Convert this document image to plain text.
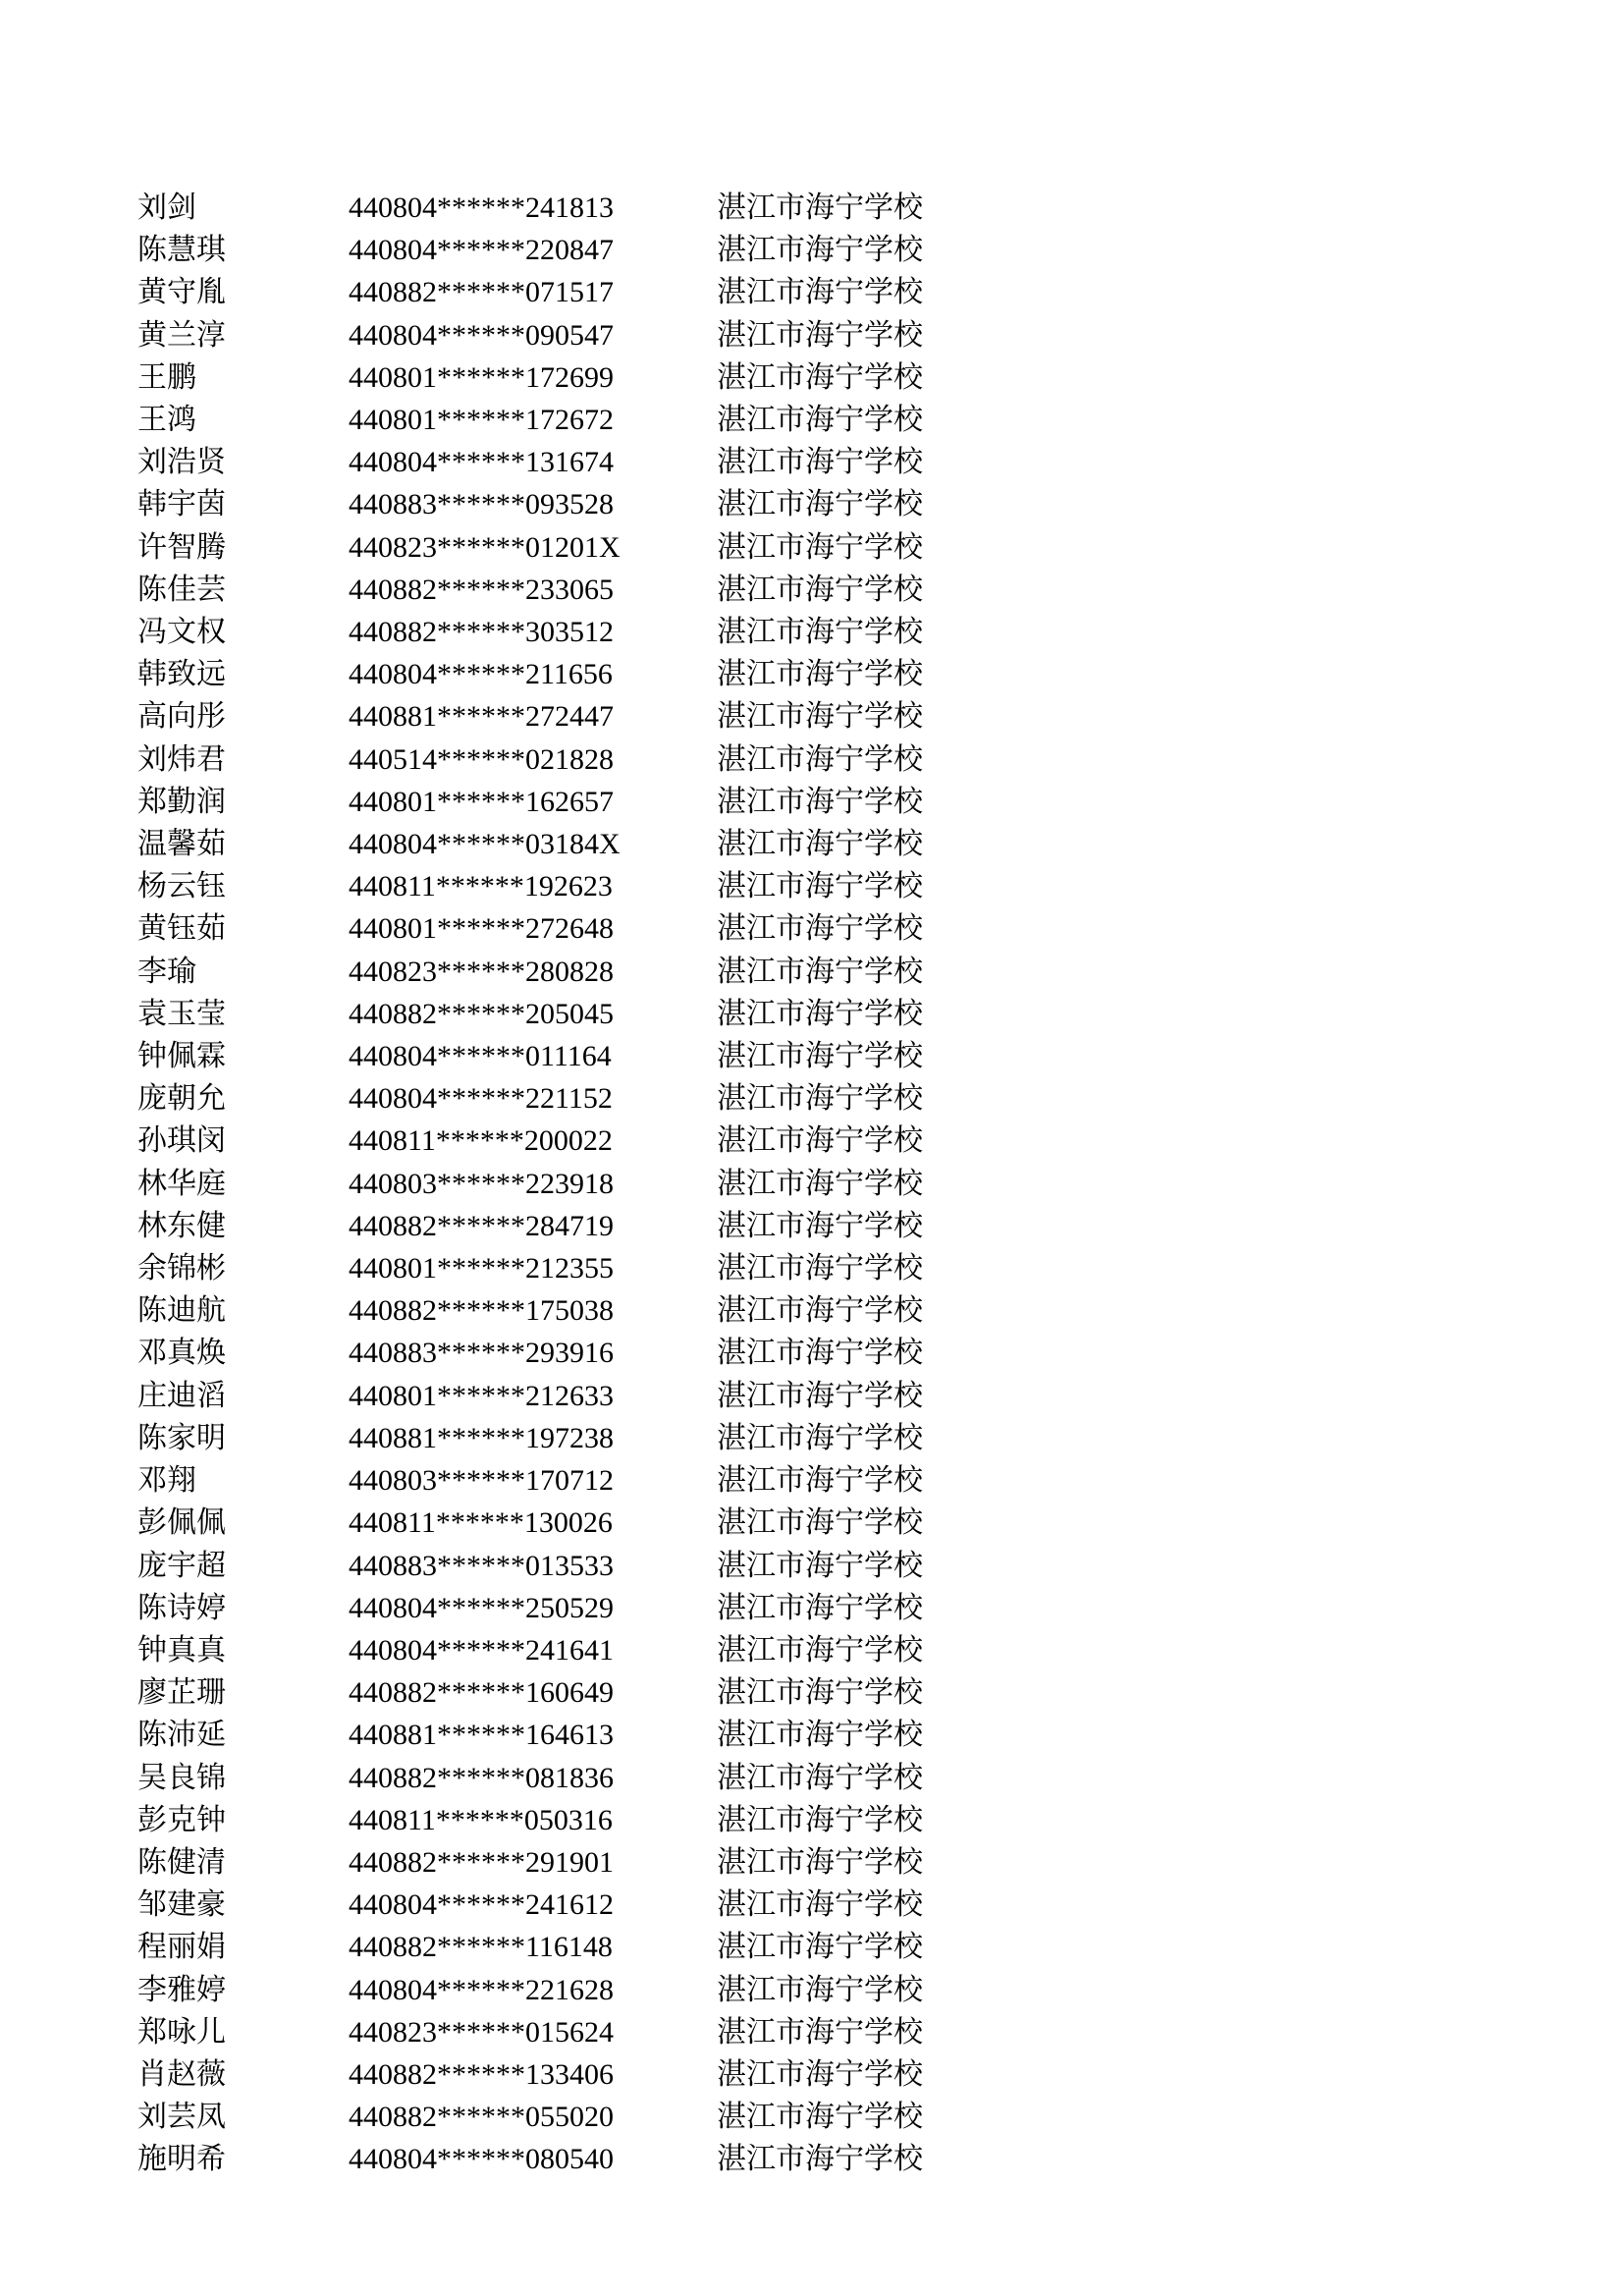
刘剑	440804******241813	湛江市海宁学校
陈慧琪	440804******220847	湛江市海宁学校
黄守胤	440882******071517	湛江市海宁学校
黄兰淳	440804******090547	湛江市海宁学校
王鹏	440801******172699	湛江市海宁学校
王鸿	440801******172672	湛江市海宁学校
刘浩贤	440804******131674	湛江市海宁学校
韩宇茵	440883******093528	湛江市海宁学校
许智腾	440823******01201X	湛江市海宁学校
陈佳芸	440882******233065	湛江市海宁学校
冯文权	440882******303512	湛江市海宁学校
韩致远	440804******211656	湛江市海宁学校
高向彤	440881******272447	湛江市海宁学校
刘炜君	440514******021828	湛江市海宁学校
郑勤润	440801******162657	湛江市海宁学校
温馨茹	440804******03184X	湛江市海宁学校
杨云钰	440811******192623	湛江市海宁学校
黄钰茹	440801******272648	湛江市海宁学校
李瑜	440823******280828	湛江市海宁学校
袁玉莹	440882******205045	湛江市海宁学校
钟佩霖	440804******011164	湛江市海宁学校
庞朝允	440804******221152	湛江市海宁学校
孙琪闵	440811******200022	湛江市海宁学校
林华庭	440803******223918	湛江市海宁学校
林东健	440882******284719	湛江市海宁学校
余锦彬	440801******212355	湛江市海宁学校
陈迪航	440882******175038	湛江市海宁学校
邓真焕	440883******293916	湛江市海宁学校
庄迪滔	440801******212633	湛江市海宁学校
陈家明	440881******197238	湛江市海宁学校
邓翔	440803******170712	湛江市海宁学校
彭佩佩	440811******130026	湛江市海宁学校
庞宇超	440883******013533	湛江市海宁学校
陈诗婷	440804******250529	湛江市海宁学校
钟真真	440804******241641	湛江市海宁学校
廖芷珊	440882******160649	湛江市海宁学校
陈沛延	440881******164613	湛江市海宁学校
吴良锦	440882******081836	湛江市海宁学校
彭克钟	440811******050316	湛江市海宁学校
陈健清	440882******291901	湛江市海宁学校
邹建豪	440804******241612	湛江市海宁学校
程丽娟	440882******116148	湛江市海宁学校
李雅婷	440804******221628	湛江市海宁学校
郑咏儿	440823******015624	湛江市海宁学校
肖赵薇	440882******133406	湛江市海宁学校
刘芸凤	440882******055020	湛江市海宁学校
施明希	440804******080540	湛江市海宁学校
